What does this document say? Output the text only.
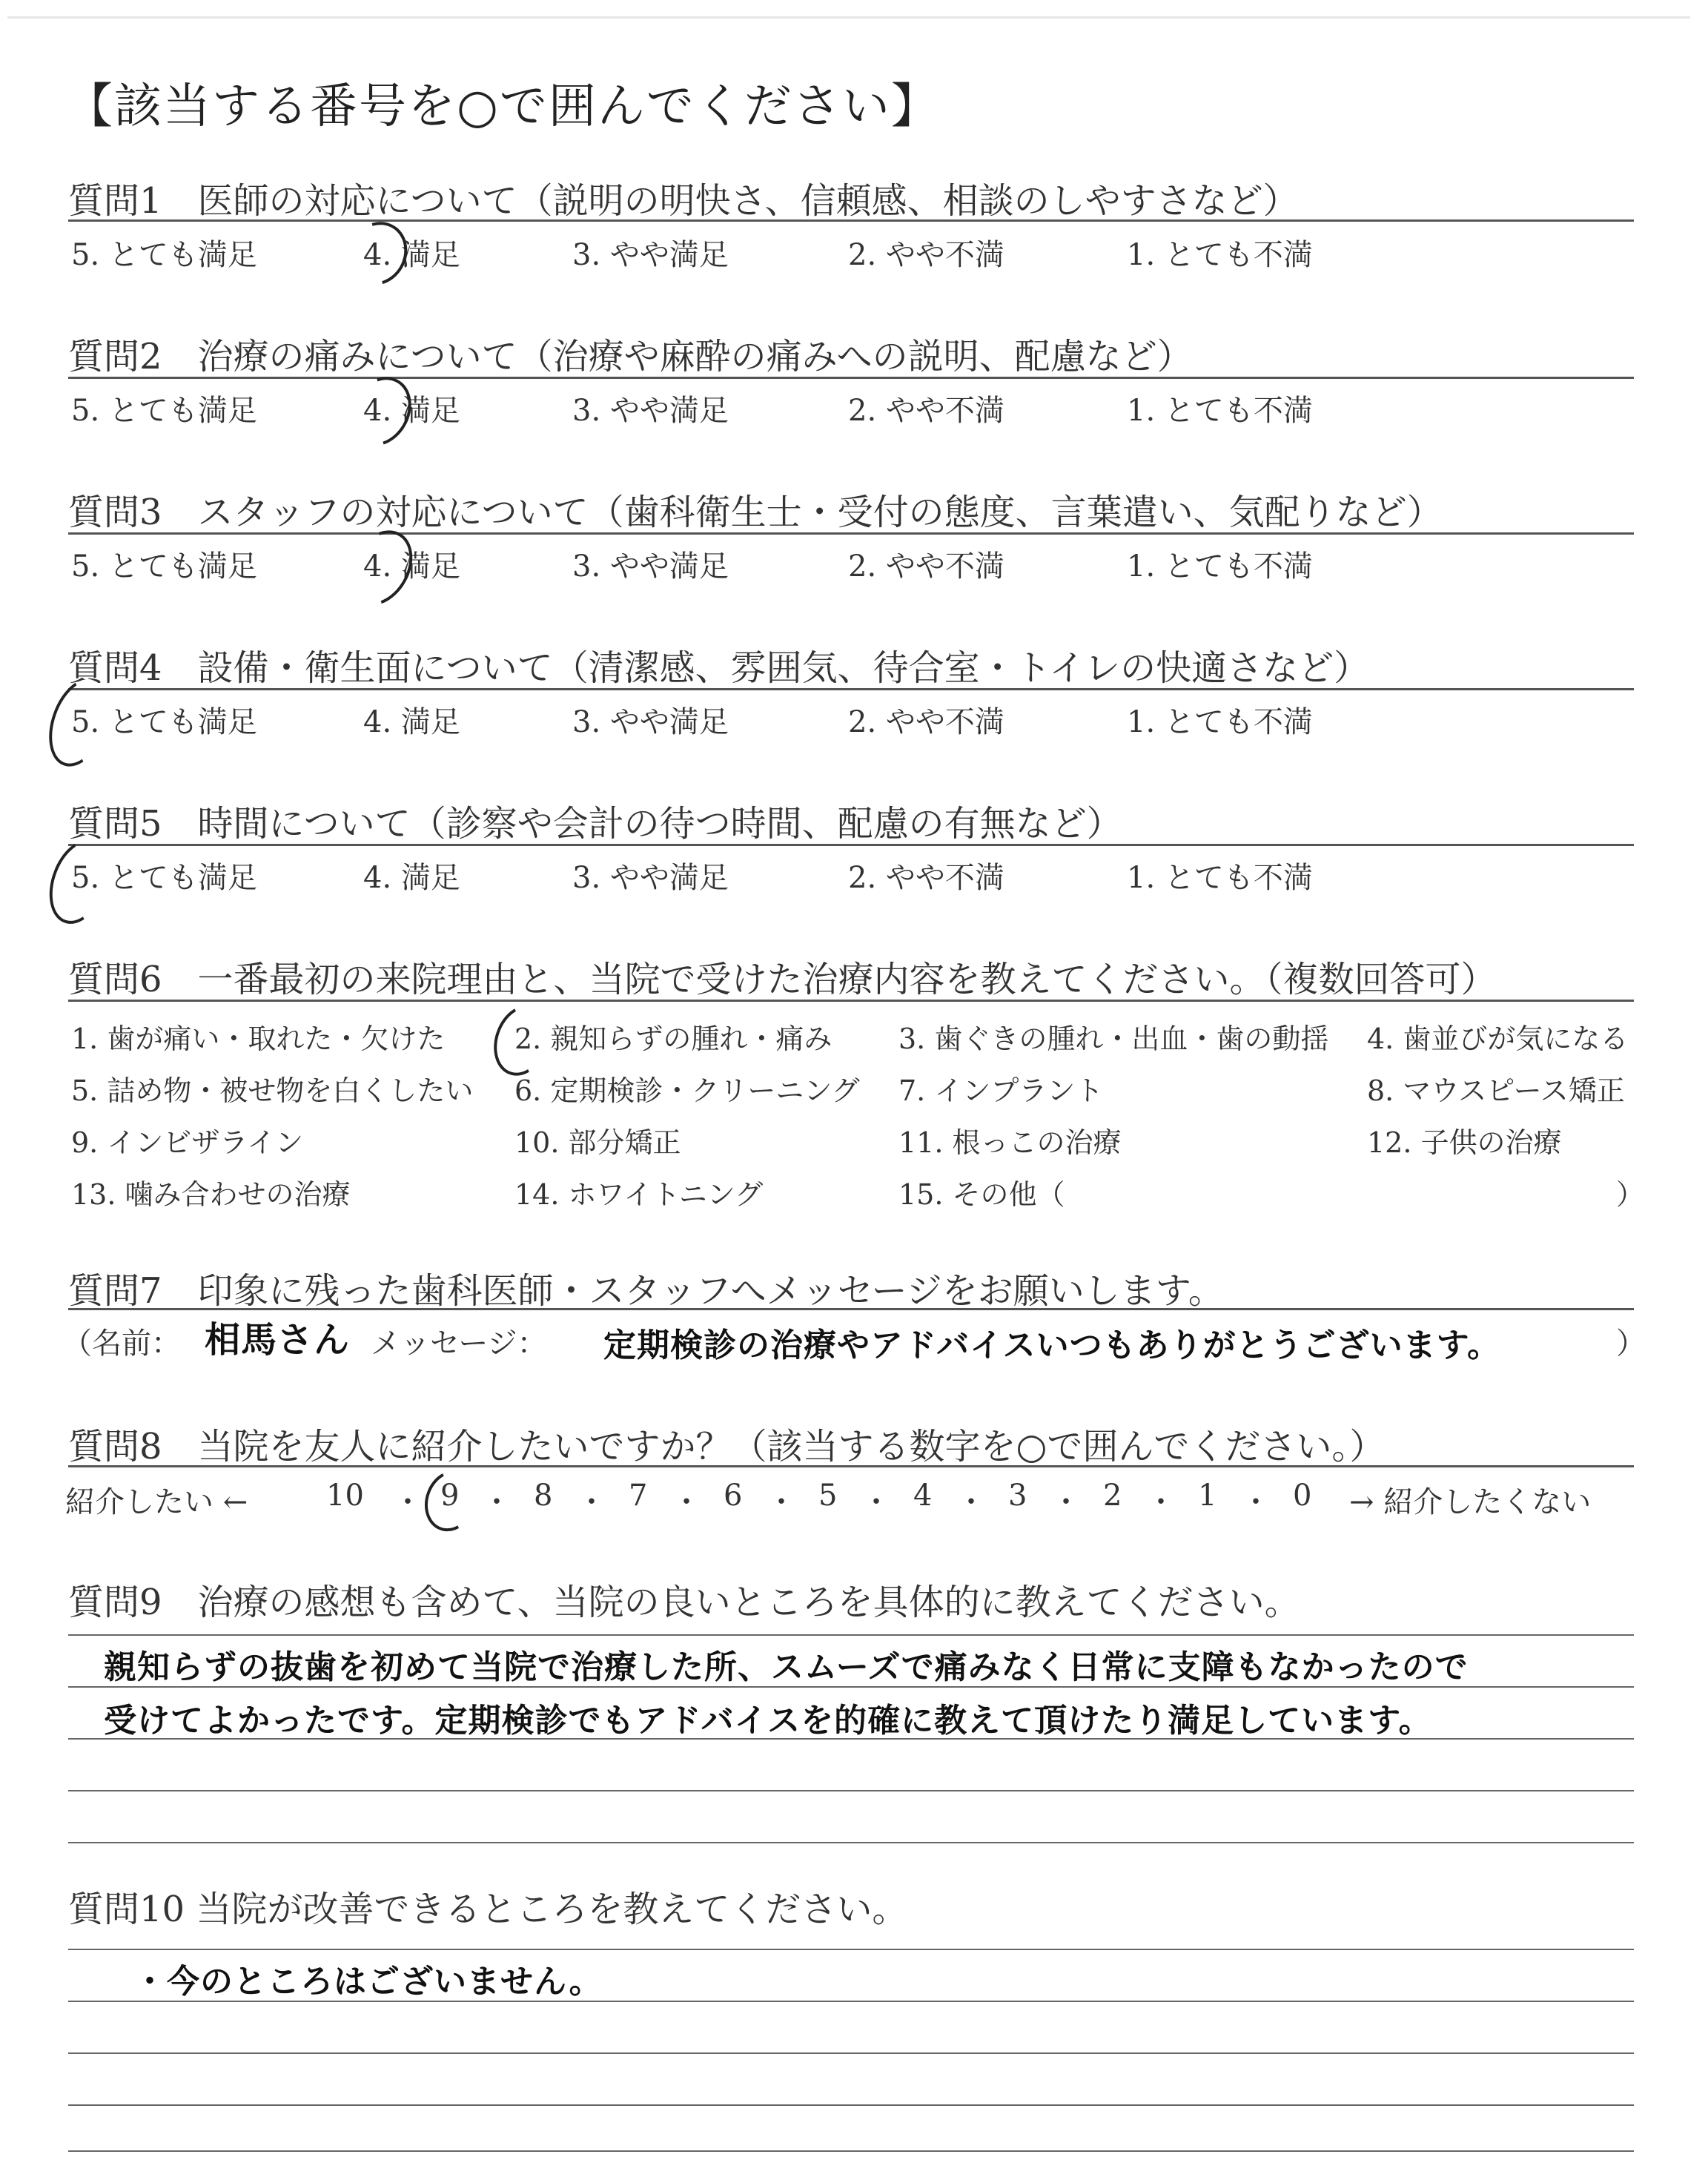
【該当する番号を○で囲んでください】
質問1　医師の対応について（説明の明快さ、信頼感、相談のしやすさなど）
5. とても満足	4. 満足	3. やや満足	2. やや不満	1. とても不満
質問2　治療の痛みについて（治療や麻酔の痛みへの説明、配慮など）
5. とても満足	4. 満足	3. やや満足	2. やや不満	1. とても不満
質問3　スタッフの対応について（歯科衛生士・受付の態度、言葉遣い、気配りなど）
5. とても満足	4. 満足	3. やや満足	2. やや不満	1. とても不満
質問4　設備・衛生面について（清潔感、雰囲気、待合室・トイレの快適さなど）
5. とても満足	4. 満足	3. やや満足	2. やや不満	1. とても不満
質問5　時間について（診察や会計の待つ時間、配慮の有無など）
5. とても満足	4. 満足	3. やや満足	2. やや不満	1. とても不満
質問6　一番最初の来院理由と、当院で受けた治療内容を教えてください。（複数回答可）
1. 歯が痛い・取れた・欠けた 2. 親知らずの腫れ・痛み 3. 歯ぐきの腫れ・出血・歯の動揺 4. 歯並びが気になる
5. 詰め物・被せ物を白くしたい 6. 定期検診・クリーニング 7. インプラント	8. マウスピース矯正
9. インビザライン	10. 部分矯正	11. 根っこの治療	12. 子供の治療
13. 噛み合わせの治療	14. ホワイトニング	15. その他（	）
質問7　印象に残った歯科医師・スタッフへメッセージをお願いします。
（名前： 相馬さん メッセージ： 定期検診の治療やアドバイスいつもありがとうございます。	）
質問8　当院を友人に紹介したいですか？（該当する数字を○で囲んでください。）
紹介したい ←	10 ・ 9 ・ 8 ・ 7 ・ 6 ・ 5 ・ 4 ・ 3 ・ 2 ・ 1 ・ 0 → 紹介したくない
質問9　治療の感想も含めて、当院の良いところを具体的に教えてください。
親知らずの抜歯を初めて当院で治療した所、スムーズで痛みなく日常に支障もなかったので
受けてよかったです。定期検診でもアドバイスを的確に教えて頂けたり満足しています。
質問10 当院が改善できるところを教えてください。
・今のところはございません。
